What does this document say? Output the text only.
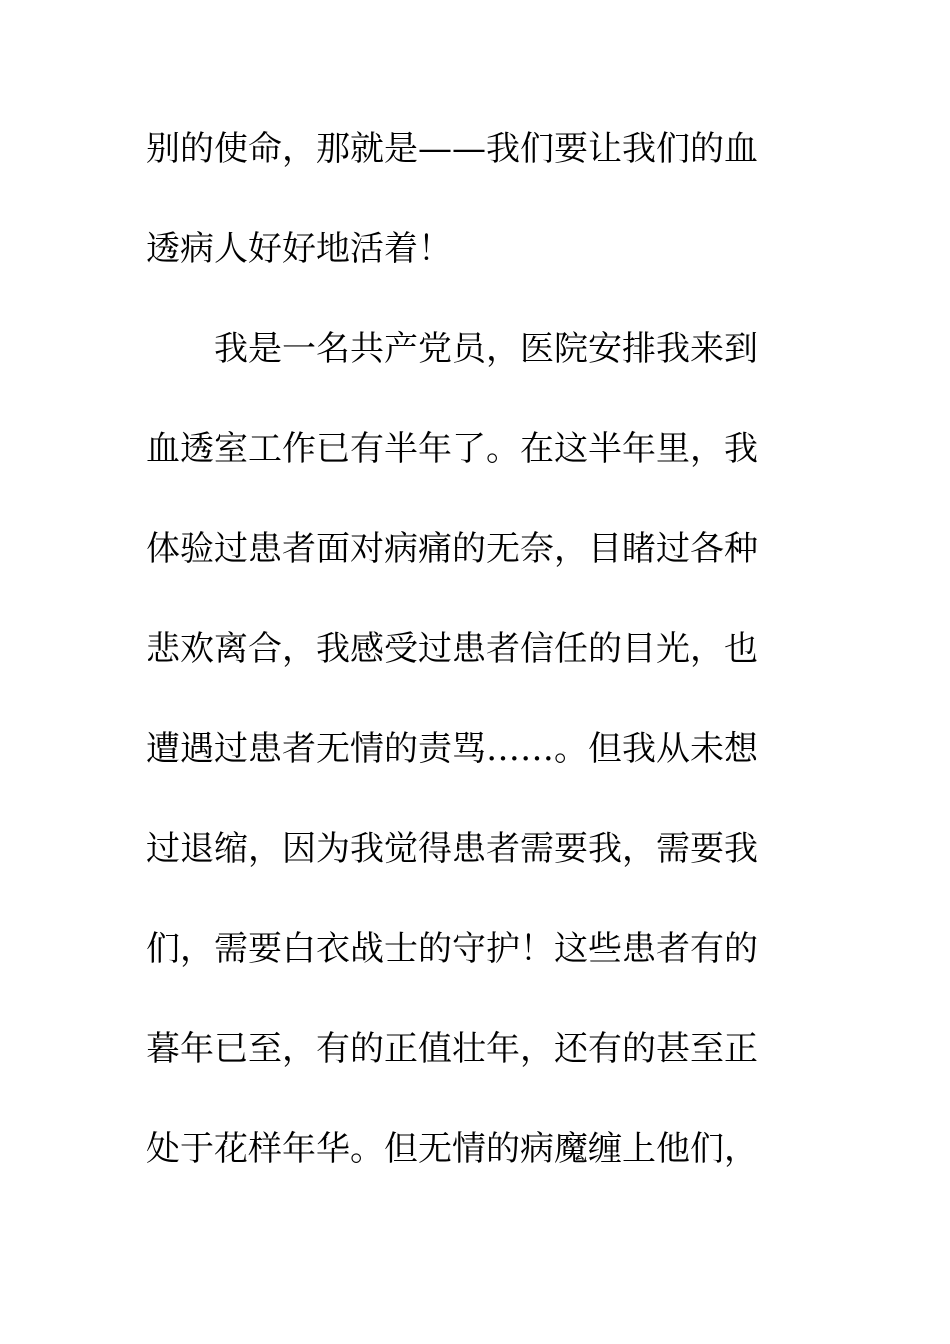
别的使命，那就是——我们要让我们的血
透病人好好地活着！
我是一名共产党员，医院安排我来到
血透室工作已有半年了。在这半年里，我
体验过患者面对病痛的无奈，目睹过各种
悲欢离合，我感受过患者信任的目光，也
遭遇过患者无情的责骂……。但我从未想
过退缩，因为我觉得患者需要我，需要我
们，需要白衣战士的守护！这些患者有的
暮年已至，有的正值壮年，还有的甚至正
处于花样年华。但无情的病魔缠上他们，
